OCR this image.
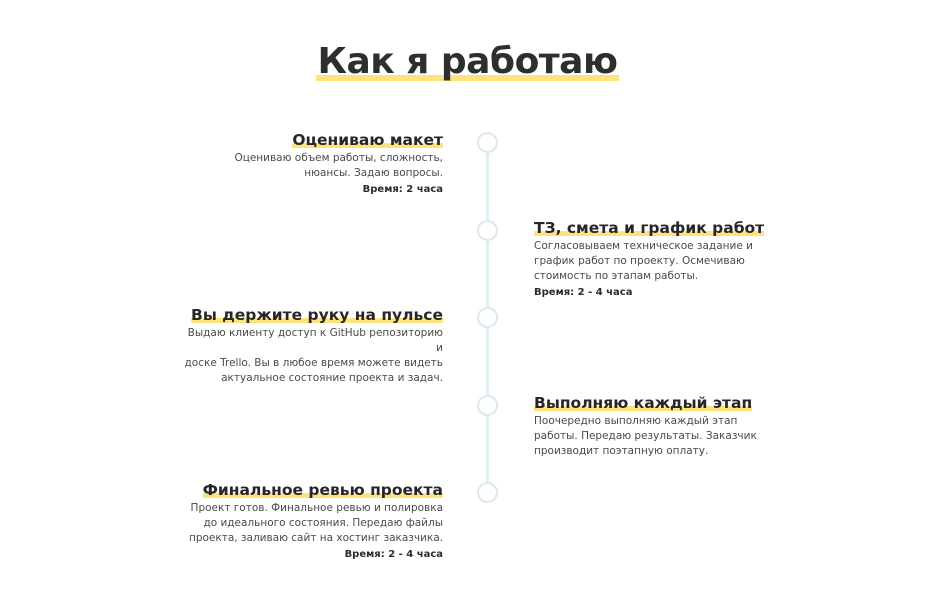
Как я работаю
Оцениваю макет
Оцениваю объем работы, сложность,
нюансы. Задаю вопросы.
Время: 2 часа
ТЗ, смета и график работ
Согласовываем техническое задание и
график работ по проекту. Осмечиваю
стоимость по этапам работы.
Время: 2 - 4 часа
Вы держите руку на пульсе
Выдаю клиенту доступ к GitHub репозиторию и
доске Trello. Вы в любое время можете видеть
актуальное состояние проекта и задач.
Выполняю каждый этап
Поочередно выполняю каждый этап
работы. Передаю результаты. Заказчик
производит поэтапную оплату.
Финальное ревью проекта
Проект готов. Финальное ревью и полировка
до идеального состояния. Передаю файлы
проекта, заливаю сайт на хостинг заказчика.
Время: 2 - 4 часа
